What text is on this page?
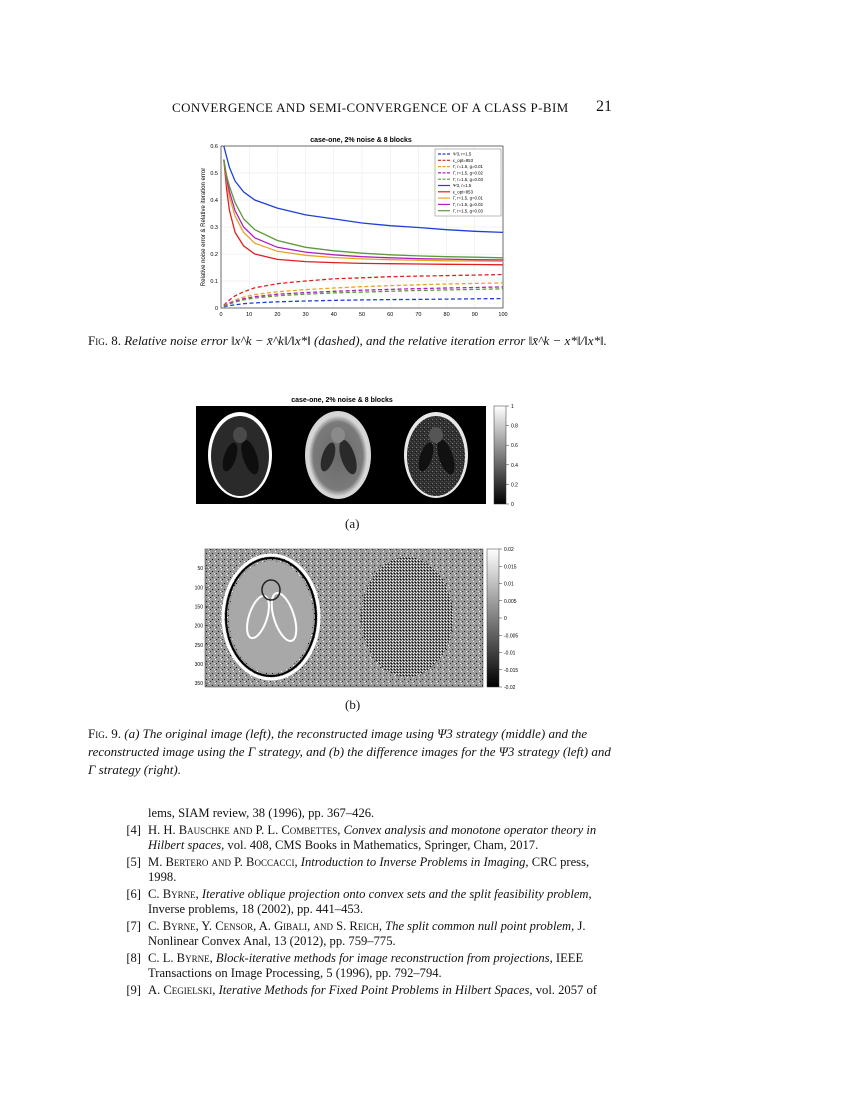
CONVERGENCE AND SEMI-CONVERGENCE OF A CLASS P-BIM	21
case-one, 2% noise & 8 blocks
0	10	20	30	40	50	60	70	80	90	100
0
0.1
0.2
0.3
0.4
0.5
0.6
Relative noise error & Relative iteration error
Ψ3, r=1.5
ε_opt=853
Γ, r=1.5, g=0.01
Γ, r=1.5, g=0.02
Γ, r=1.5, g=0.03
Ψ3, r=1.5
ε_opt=853
Γ, r=1.5, g=0.01
Γ, r=1.5, g=0.02
Γ, r=1.5, g=0.03
Fig. 8. Relative noise error ‖x^k − x̄^k‖/‖x*‖ (dashed), and the relative iteration error ‖x̄^k − x*‖/‖x*‖.
case-one, 2% noise & 8 blocks
1
0.8
0.6
0.4
0.2
0
(a)
50
100
150
200
250
300
350
0.02
0.015
0.01
0.005
0
-0.005
-0.01
-0.015
-0.02
(b)
Fig. 9. (a) The original image (left), the reconstructed image using Ψ3 strategy (middle) and the reconstructed image using the Γ strategy, and (b) the difference images for the Ψ3 strategy (left) and Γ strategy (right).
lems, SIAM review, 38 (1996), pp. 367–426.
[4] H. H. Bauschke and P. L. Combettes, Convex analysis and monotone operator theory in Hilbert spaces, vol. 408, CMS Books in Mathematics, Springer, Cham, 2017.
[5] M. Bertero and P. Boccacci, Introduction to Inverse Problems in Imaging, CRC press, 1998.
[6] C. Byrne, Iterative oblique projection onto convex sets and the split feasibility problem, Inverse problems, 18 (2002), pp. 441–453.
[7] C. Byrne, Y. Censor, A. Gibali, and S. Reich, The split common null point problem, J. Nonlinear Convex Anal, 13 (2012), pp. 759–775.
[8] C. L. Byrne, Block-iterative methods for image reconstruction from projections, IEEE Transactions on Image Processing, 5 (1996), pp. 792–794.
[9] A. Cegielski, Iterative Methods for Fixed Point Problems in Hilbert Spaces, vol. 2057 of
